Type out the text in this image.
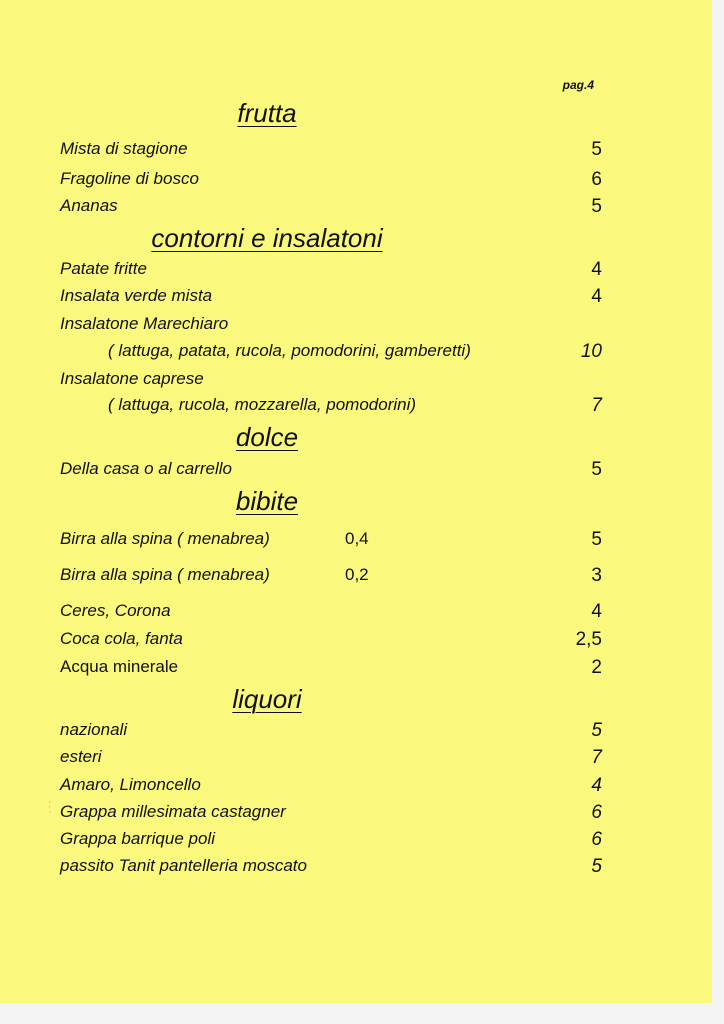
pag.4
frutta
Mista di stagione	5
Fragoline di bosco	6
Ananas	5
contorni e insalatoni
Patate fritte	4
Insalata verde mista	4
Insalatone Marechiaro
( lattuga, patata, rucola, pomodorini, gamberetti)	10
Insalatone caprese
( lattuga, rucola, mozzarella, pomodorini)	7
dolce
Della casa o al carrello	5
bibite
Birra alla spina ( menabrea)	0,4	5
Birra alla spina ( menabrea)	0,2	3
Ceres, Corona	4
Coca cola, fanta	2,5
Acqua minerale	2
liquori
nazionali	5
esteri	7
Amaro, Limoncello	4
Grappa millesimata castagner	6
Grappa barrique poli	6
passito Tanit pantelleria moscato	5
